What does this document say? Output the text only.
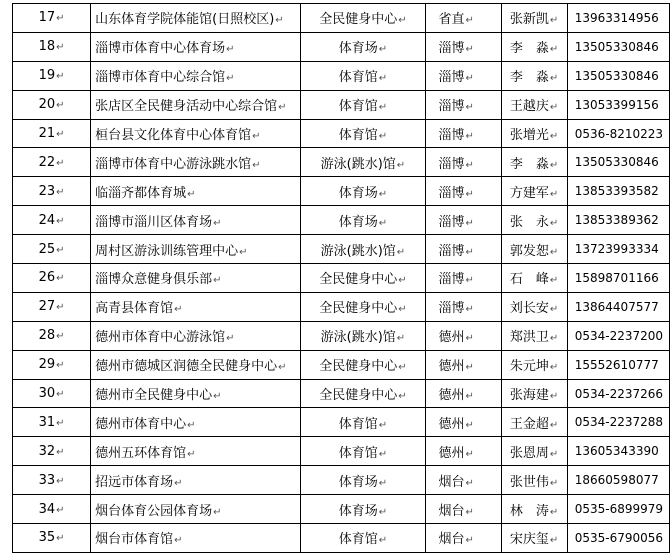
17↵	山东体育学院体能馆(日照校区)↵	全民健身中心↵	省直↵	张新凯↵	13963314956
18↵	淄博市体育中心体育场↵	体育场↵	淄博↵	李　淼↵	13505330846
19↵	淄博市体育中心综合馆↵	体育馆↵	淄博↵	李　淼↵	13505330846
20↵	张店区全民健身活动中心综合馆↵	体育馆↵	淄博↵	王越庆↵	13053399156
21↵	桓台县文化体育中心体育馆↵	体育馆↵	淄博↵	张增光↵	0536-8210223
22↵	淄博市体育中心游泳跳水馆↵	游泳(跳水)馆↵	淄博↵	李　淼↵	13505330846
23↵	临淄齐都体育城↵	体育场↵	淄博↵	方建军↵	13853393582
24↵	淄博市淄川区体育场↵	体育场↵	淄博↵	张　永↵	13853389362
25↵	周村区游泳训练管理中心↵	游泳(跳水)馆↵	淄博↵	郭发恕↵	13723993334
26↵	淄博众意健身俱乐部↵	全民健身中心↵	淄博↵	石　峰↵	15898701166
27↵	高青县体育馆↵	全民健身中心↵	淄博↵	刘长安↵	13864407577
28↵	德州市体育中心游泳馆↵	游泳(跳水)馆↵	德州↵	郑洪卫↵	0534-2237200
29↵	德州市德城区润德全民健身中心↵	全民健身中心↵	德州↵	朱元坤↵	15552610777
30↵	德州市全民健身中心↵	全民健身中心↵	德州↵	张海建↵	0534-2237266
31↵	德州市体育中心↵	体育馆↵	德州↵	王金超↵	0534-2237288
32↵	德州五环体育馆↵	体育馆↵	德州↵	张恩周↵	13605343390
33↵	招远市体育场↵	体育场↵	烟台↵	张世伟↵	18660598077
34↵	烟台体育公园体育场↵	体育场↵	烟台↵	林　涛↵	0535-6899979
35↵	烟台市体育馆↵	体育馆↵	烟台↵	宋庆玺↵	0535-6790056
